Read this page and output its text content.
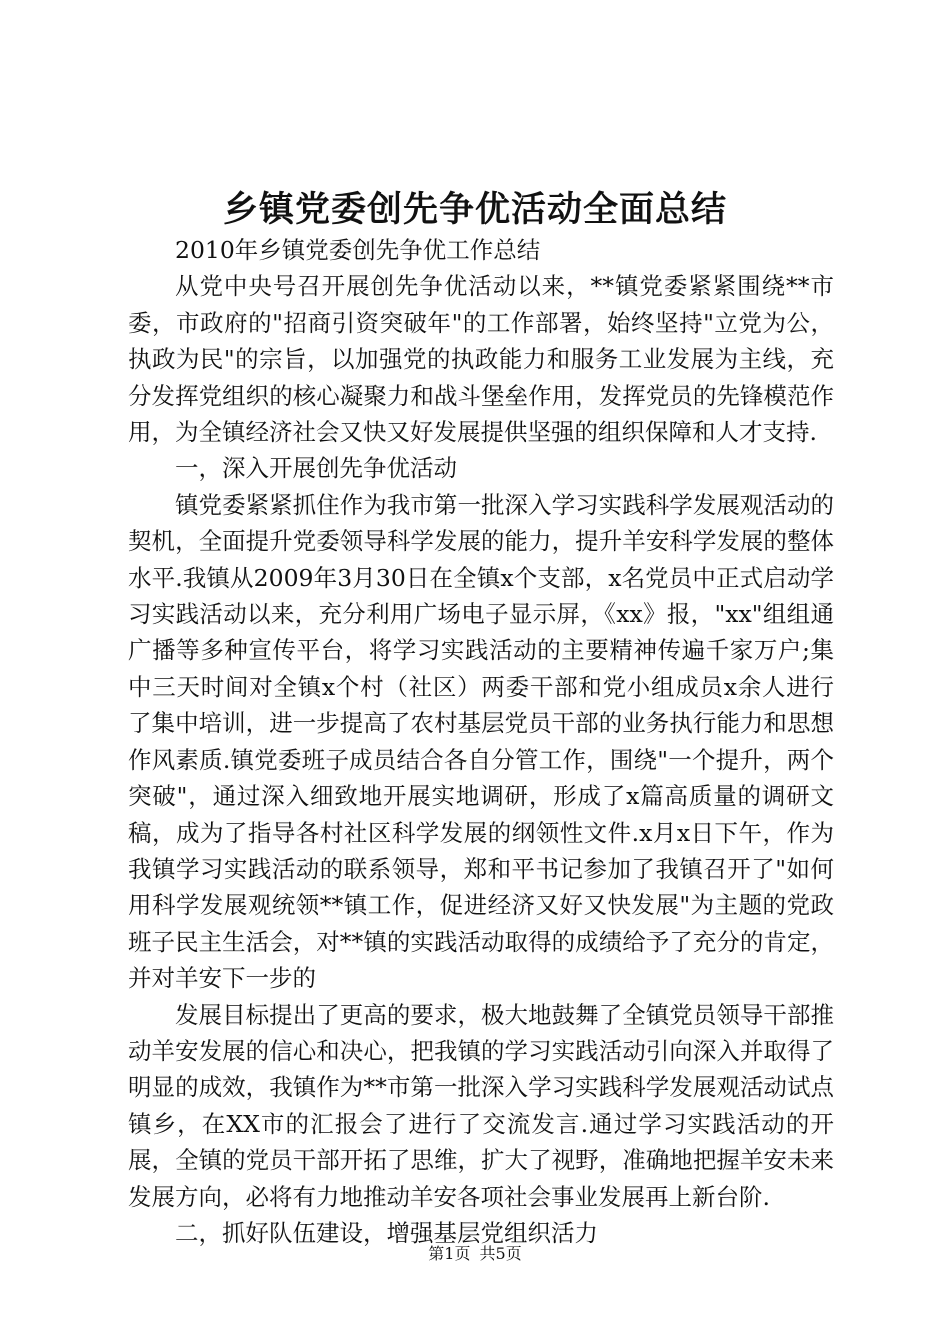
乡镇党委创先争优活动全面总结

2010年乡镇党委创先争优工作总结

从党中央号召开展创先争优活动以来，**镇党委紧紧围绕**市委，市政府的"招商引资突破年"的工作部署，始终坚持"立党为公，执政为民"的宗旨，以加强党的执政能力和服务工业发展为主线，充分发挥党组织的核心凝聚力和战斗堡垒作用，发挥党员的先锋模范作用，为全镇经济社会又快又好发展提供坚强的组织保障和人才支持.

一，深入开展创先争优活动

镇党委紧紧抓住作为我市第一批深入学习实践科学发展观活动的契机，全面提升党委领导科学发展的能力，提升羊安科学发展的整体水平.我镇从2009年3月30日在全镇x个支部，x名党员中正式启动学习实践活动以来，充分利用广场电子显示屏，《xx》报，"xx"组组通广播等多种宣传平台，将学习实践活动的主要精神传遍千家万户;集中三天时间对全镇x个村（社区）两委干部和党小组成员x余人进行了集中培训，进一步提高了农村基层党员干部的业务执行能力和思想作风素质.镇党委班子成员结合各自分管工作，围绕"一个提升，两个突破"，通过深入细致地开展实地调研，形成了x篇高质量的调研文稿，成为了指导各村社区科学发展的纲领性文件.x月x日下午，作为我镇学习实践活动的联系领导，郑和平书记参加了我镇召开了"如何用科学发展观统领**镇工作，促进经济又好又快发展"为主题的党政班子民主生活会，对**镇的实践活动取得的成绩给予了充分的肯定，并对羊安下一步的

发展目标提出了更高的要求，极大地鼓舞了全镇党员领导干部推动羊安发展的信心和决心，把我镇的学习实践活动引向深入并取得了明显的成效，我镇作为**市第一批深入学习实践科学发展观活动试点镇乡，在XX市的汇报会了进行了交流发言.通过学习实践活动的开展，全镇的党员干部开拓了思维，扩大了视野，准确地把握羊安未来发展方向，必将有力地推动羊安各项社会事业发展再上新台阶.

二，抓好队伍建设，增强基层党组织活力

第1页 共5页
